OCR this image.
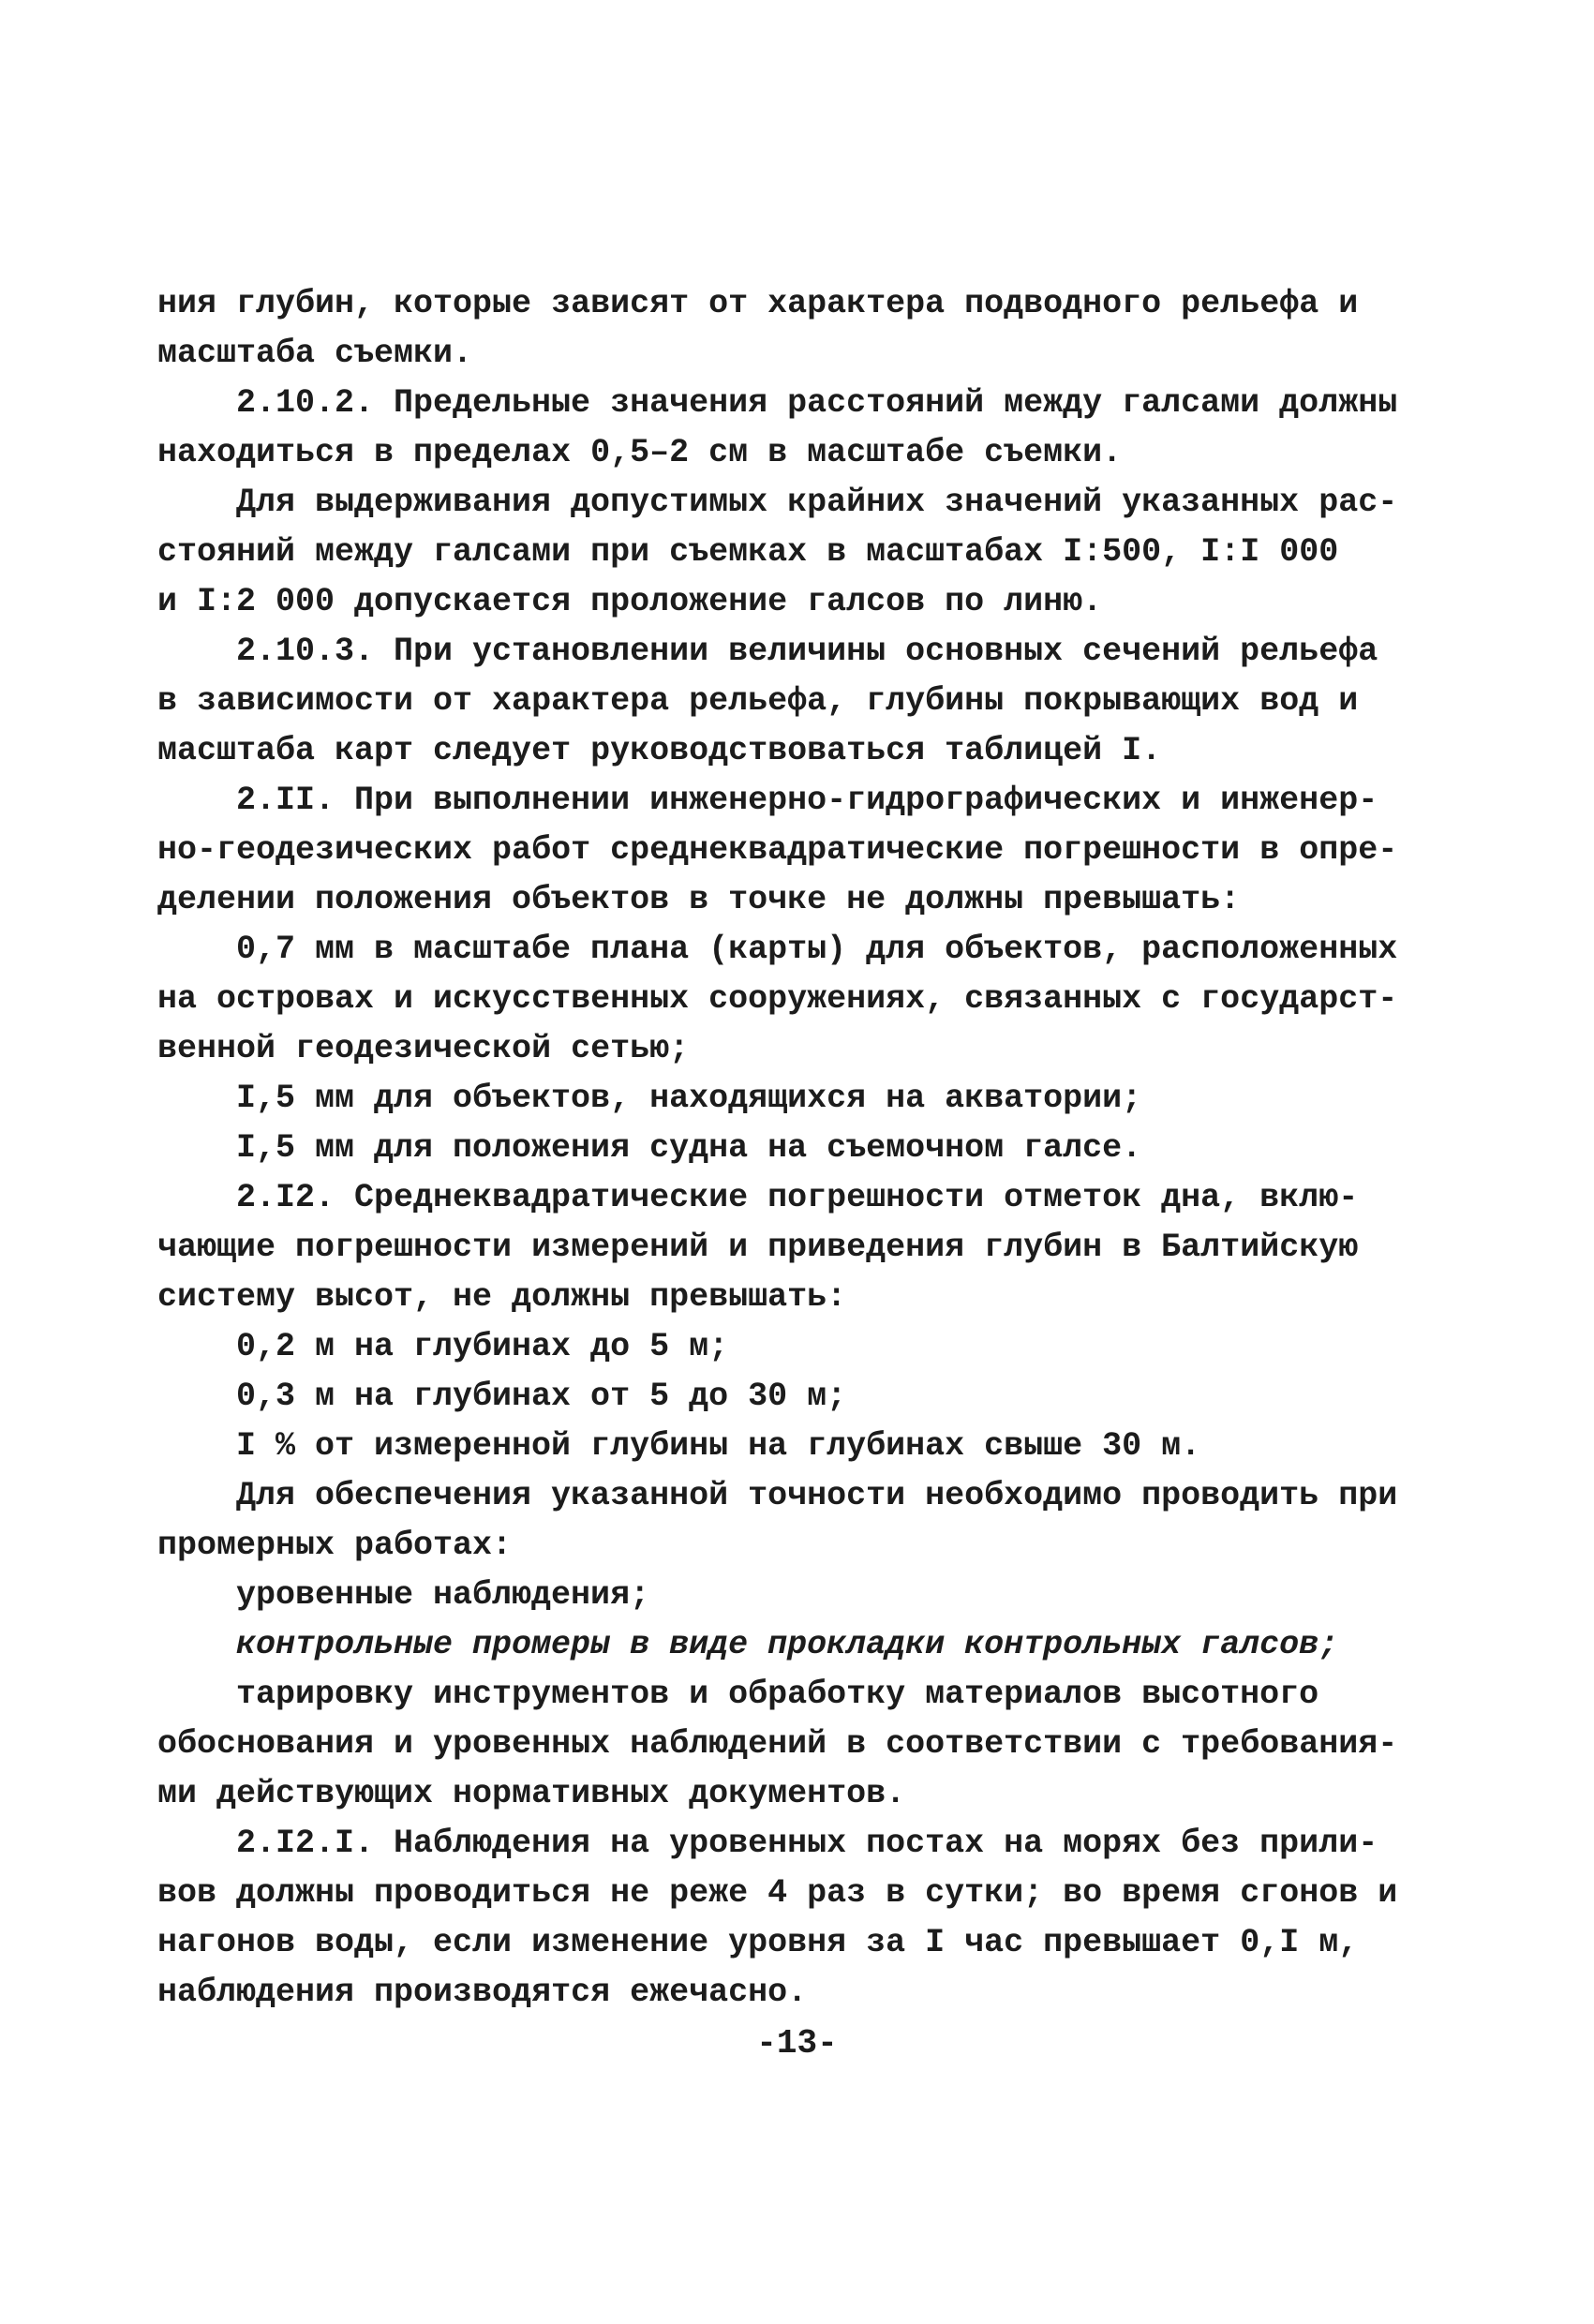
ния глубин, которые зависят от характера подводного рельефа и
масштаба съемки.
2.10.2. Предельные значения расстояний между галсами должны
находиться в пределах 0,5–2 см в масштабе съемки.
Для выдерживания допустимых крайних значений указанных рас-
стояний между галсами при съемках в масштабах I:500, I:I 000
и I:2 000 допускается проложение галсов по линю.
2.10.3. При установлении величины основных сечений рельефа
в зависимости от характера рельефа, глубины покрывающих вод и
масштаба карт следует руководствоваться таблицей I.
2.II. При выполнении инженерно-гидрографических и инженер-
но-геодезических работ среднеквадратические погрешности в опре-
делении положения объектов в точке не должны превышать:
0,7 мм в масштабе плана (карты) для объектов, расположенных
на островах и искусственных сооружениях, связанных с государст-
венной геодезической сетью;
I,5 мм для объектов, находящихся на акватории;
I,5 мм для положения судна на съемочном галсе.
2.I2. Среднеквадратические погрешности отметок дна, вклю-
чающие погрешности измерений и приведения глубин в Балтийскую
систему высот, не должны превышать:
0,2 м на глубинах до 5 м;
0,3 м на глубинах от 5 до 30 м;
I % от измеренной глубины на глубинах свыше 30 м.
Для обеспечения указанной точности необходимо проводить при
промерных работах:
уровенные наблюдения;
контрольные промеры в виде прокладки контрольных галсов;
тарировку инструментов и обработку материалов высотного
обоснования и уровенных наблюдений в соответствии с требования-
ми действующих нормативных документов.
2.I2.I. Наблюдения на уровенных постах на морях без прили-
вов должны проводиться не реже 4 раз в сутки; во время сгонов и
нагонов воды, если изменение уровня за I час превышает 0,I м,
наблюдения производятся ежечасно.
-13-
